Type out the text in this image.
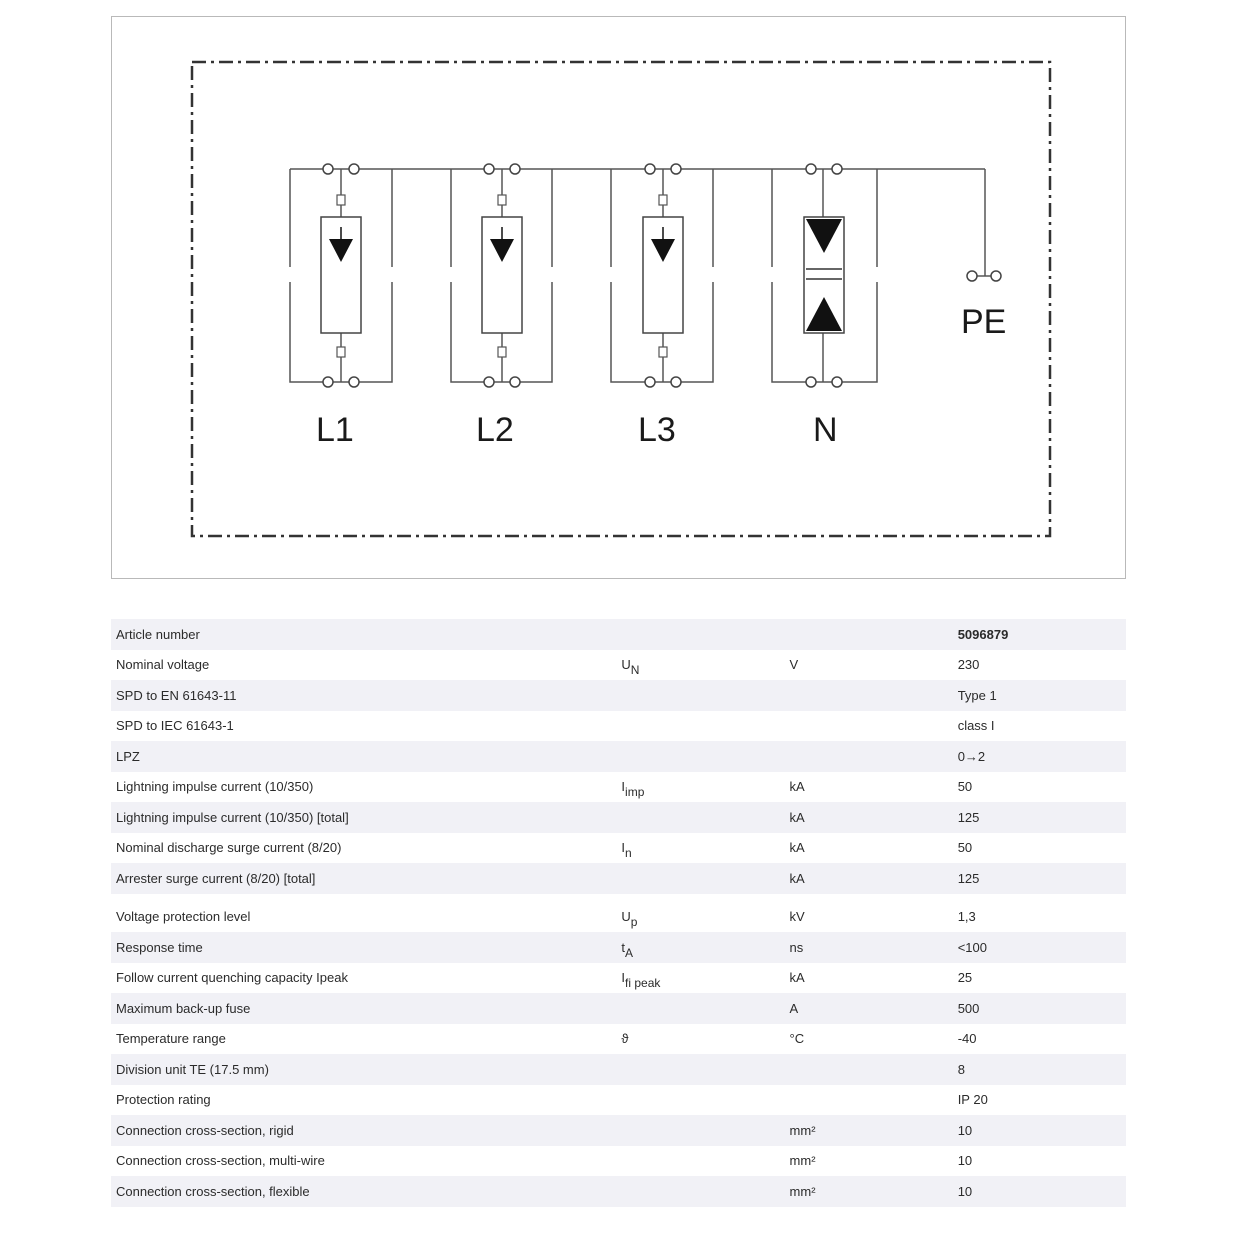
PE
L1	L2	L3	N
Article number			5096879
Nominal voltage	UN	V	230
SPD to EN 61643-11			Type 1
SPD to IEC 61643-1			class I
LPZ			0→2
Lightning impulse current (10/350)	Iimp	kA	50
Lightning impulse current (10/350) [total]		kA	125
Nominal discharge surge current (8/20)	In	kA	50
Arrester surge current (8/20) [total]		kA	125
Voltage protection level	Up	kV	1,3
Response time	tA	ns	<100
Follow current quenching capacity Ipeak	Ifi peak	kA	25
Maximum back-up fuse		A	500
Temperature range	ϑ	°C	-40
Division unit TE (17.5 mm)			8
Protection rating			IP 20
Connection cross-section, rigid		mm²	10
Connection cross-section, multi-wire		mm²	10
Connection cross-section, flexible		mm²	10
